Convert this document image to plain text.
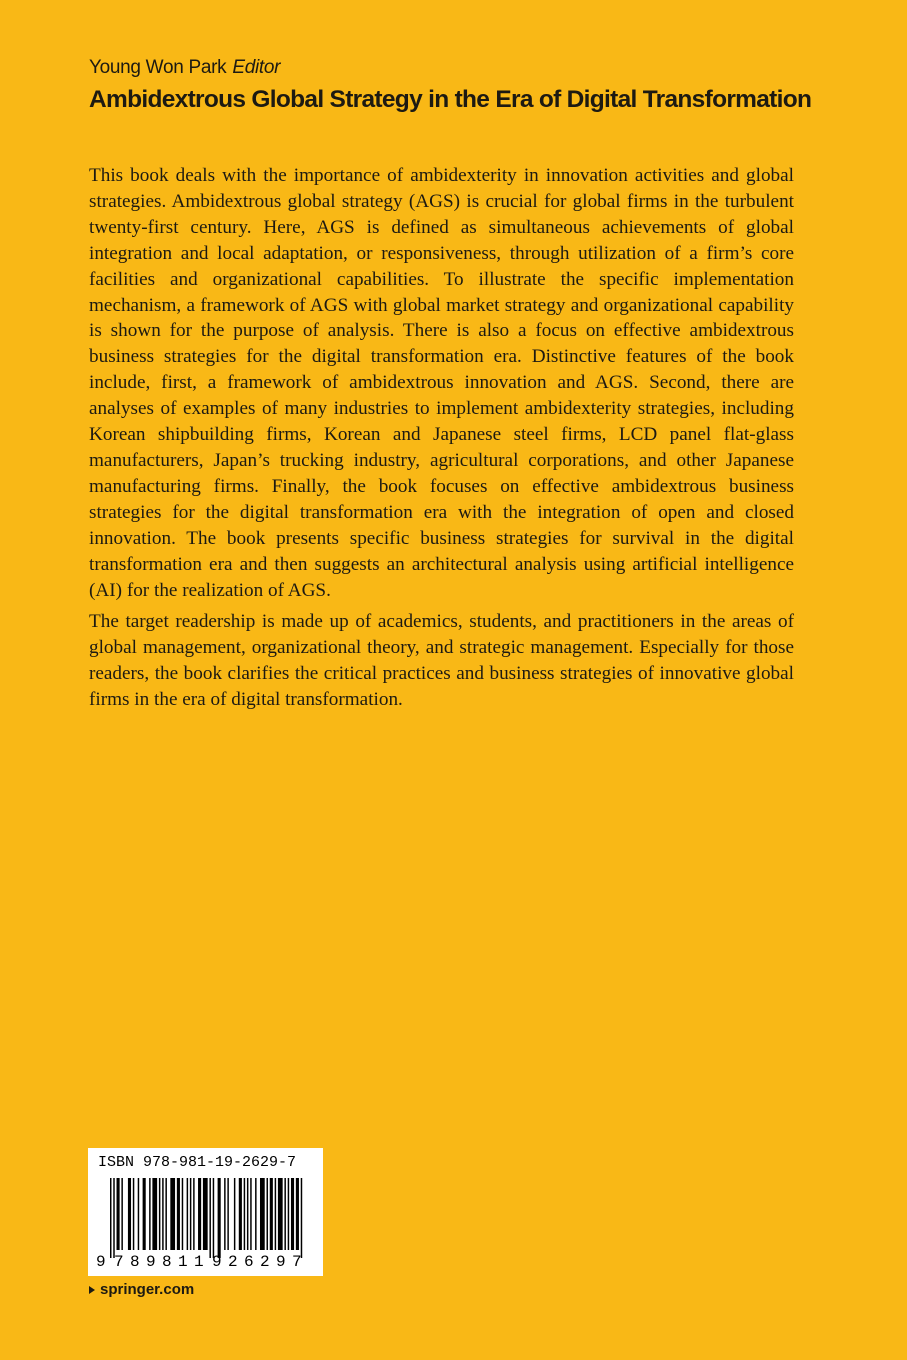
Young Won Park Editor
Ambidextrous Global Strategy in the Era of Digital Transformation

This book deals with the importance of ambidexterity in innovation activities and global strategies. Ambidextrous global strategy (AGS) is crucial for global firms in the turbulent twenty-first century. Here, AGS is defined as simultaneous achievements of global integration and local adaptation, or responsiveness, through utilization of a firm’s core facilities and organizational capabilities. To illustrate the specific implementation mechanism, a framework of AGS with global market strategy and organizational capability is shown for the purpose of analysis. There is also a focus on effective ambidextrous business strategies for the digital transformation era. Distinctive features of the book include, first, a framework of ambidextrous innovation and AGS. Second, there are analyses of examples of many industries to implement ambidexterity strategies, including Korean shipbuilding firms, Korean and Japanese steel firms, LCD panel flat-glass manufacturers, Japan’s trucking industry, agricultural corporations, and other Japanese manufacturing firms. Finally, the book focuses on effective ambidextrous business strategies for the digital transformation era with the integration of open and closed innovation. The book presents specific business strategies for survival in the digital transformation era and then suggests an architectural analysis using artificial intelligence (AI) for the realization of AGS.

The target readership is made up of academics, students, and practitioners in the areas of global management, organizational theory, and strategic management. Especially for those readers, the book clarifies the critical practices and business strategies of innovative global firms in the era of digital transformation.

ISBN 978-981-19-2629-7
9 7 8 9 8 1 1 9 2 6 2 9 7
springer.com
